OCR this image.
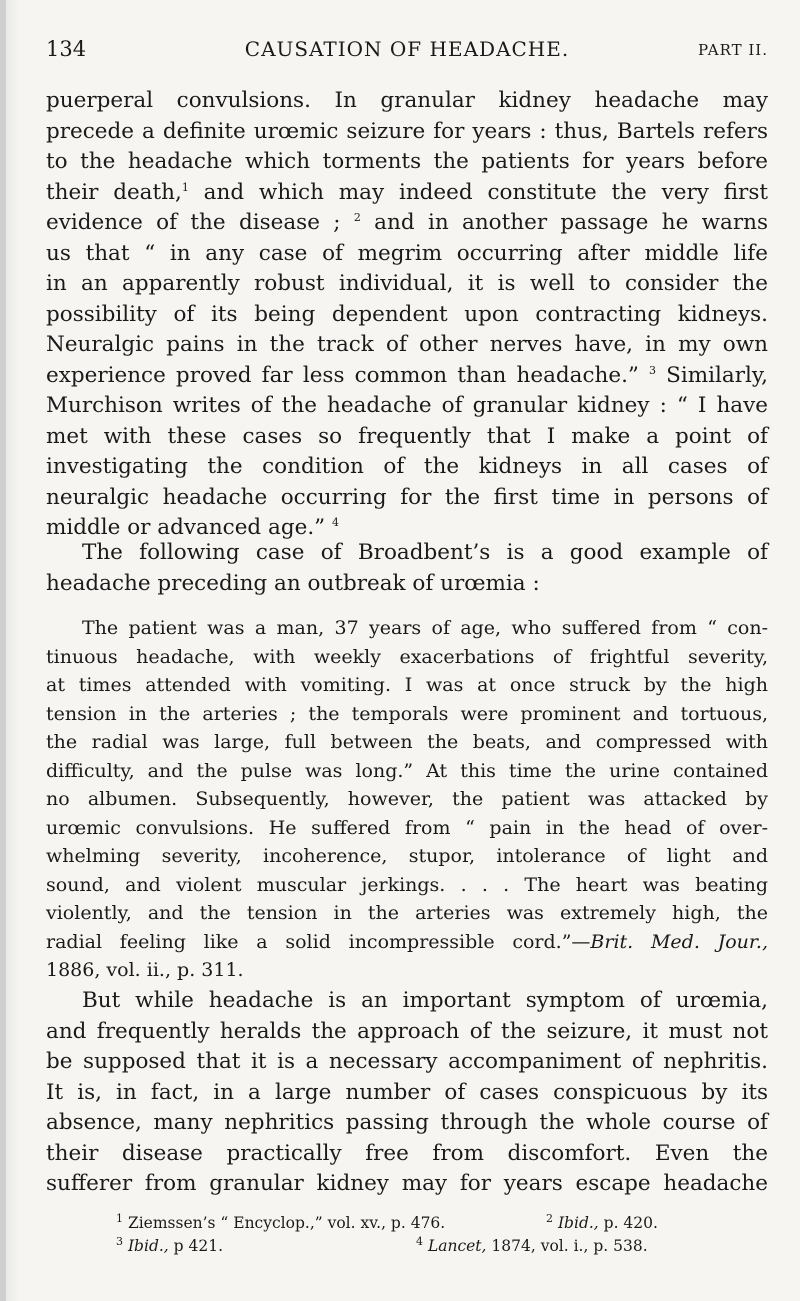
134	CAUSATION OF HEADACHE.	PART II.
puerperal convulsions. In granular kidney headache may
precede a definite urœmic seizure for years : thus, Bartels refers
to the headache which torments the patients for years before
their death,$^1$ and which may indeed constitute the very first
evidence of the disease ; $^2$ and in another passage he warns
us that “ in any case of megrim occurring after middle life
in an apparently robust individual, it is well to consider the
possibility of its being dependent upon contracting kidneys.
Neuralgic pains in the track of other nerves have, in my own
experience proved far less common than headache.” $^3$ Similarly,
Murchison writes of the headache of granular kidney : “ I have
met with these cases so frequently that I make a point of
investigating the condition of the kidneys in all cases of
neuralgic headache occurring for the first time in persons of
middle or advanced age.” $^4$
The following case of Broadbent’s is a good example of
headache preceding an outbreak of urœmia :
The patient was a man, 37 years of age, who suffered from “ con-
tinuous headache, with weekly exacerbations of frightful severity,
at times attended with vomiting. I was at once struck by the high
tension in the arteries ; the temporals were prominent and tortuous,
the radial was large, full between the beats, and compressed with
difficulty, and the pulse was long.” At this time the urine contained
no albumen. Subsequently, however, the patient was attacked by
urœmic convulsions. He suffered from “ pain in the head of over-
whelming severity, incoherence, stupor, intolerance of light and
sound, and violent muscular jerkings. . . . The heart was beating
violently, and the tension in the arteries was extremely high, the
radial feeling like a solid incompressible cord.”—Brit. Med. Jour.,
1886, vol. ii., p. 311.
But while headache is an important symptom of urœmia,
and frequently heralds the approach of the seizure, it must not
be supposed that it is a necessary accompaniment of nephritis.
It is, in fact, in a large number of cases conspicuous by its
absence, many nephritics passing through the whole course of
their disease practically free from discomfort. Even the
sufferer from granular kidney may for years escape headache
$^1$ Ziemssen’s “ Encyclop.,” vol. xv., p. 476.	$^2$ Ibid., p. 420.
$^3$ Ibid., p 421.	$^4$ Lancet, 1874, vol. i., p. 538.
